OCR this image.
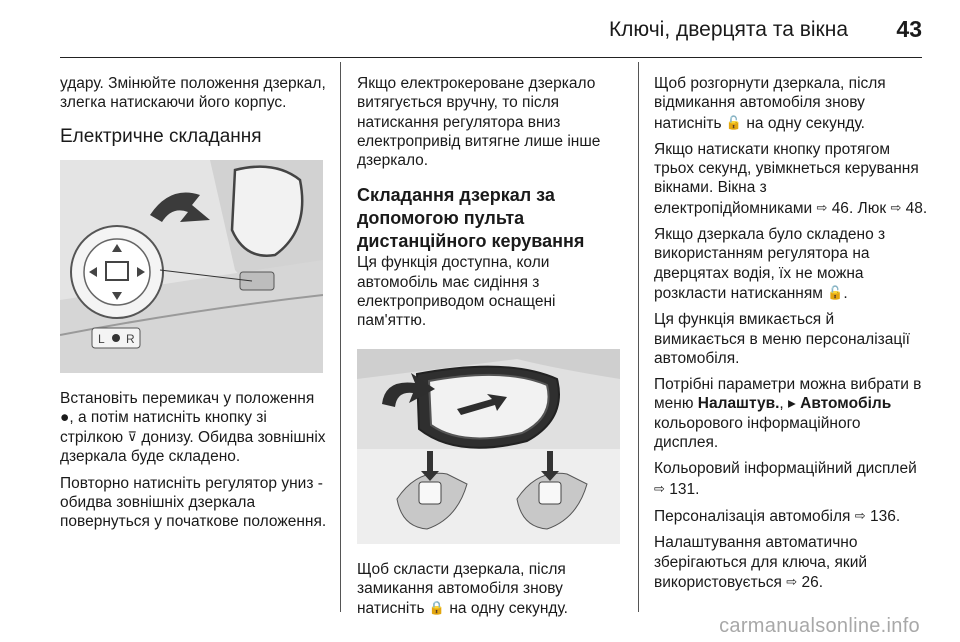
Ключі, дверцята та вікна 43

удару. Змінюйте положення дзеркал, злегка натискаючи його корпус.

Електричне складання
L R

Встановіть перемикач у положення ●, а потім натисніть кнопку зі стрілкою ⊽ донизу. Обидва зовнішніх дзеркала буде складено.

Повторно натисніть регулятор униз - обидва зовнішніх дзеркала повернуться у початкове положення.

Якщо електрокероване дзеркало витягується вручну, то після натискання регулятора вниз електропривід витягне лише інше дзеркало.

Складання дзеркал за допомогою пульта дистанційного керування

Ця функція доступна, коли автомобіль має сидіння з електроприводом оснащені пам'яттю.

Щоб скласти дзеркала, після замикання автомобіля знову натисніть 🔒 на одну секунду.

Щоб розгорнути дзеркала, після відмикання автомобіля знову натисніть 🔓 на одну секунду.

Якщо натискати кнопку протягом трьох секунд, увімкнеться керування вікнами. Вікна з електропідйомниками ⇨ 46. Люк ⇨ 48.

Якщо дзеркала було складено з використанням регулятора на дверцятах водія, їх не можна розкласти натисканням 🔓.

Ця функція вмикається й вимикається в меню персоналізації автомобіля.

Потрібні параметри можна вибрати в меню Налаштув., ▸ Автомобіль кольорового інформаційного дисплея.

Кольоровий інформаційний дисплей ⇨ 131.

Персоналізація автомобіля ⇨ 136.

Налаштування автоматично зберігаються для ключа, який використовується ⇨ 26.

carmanualsonline.info
